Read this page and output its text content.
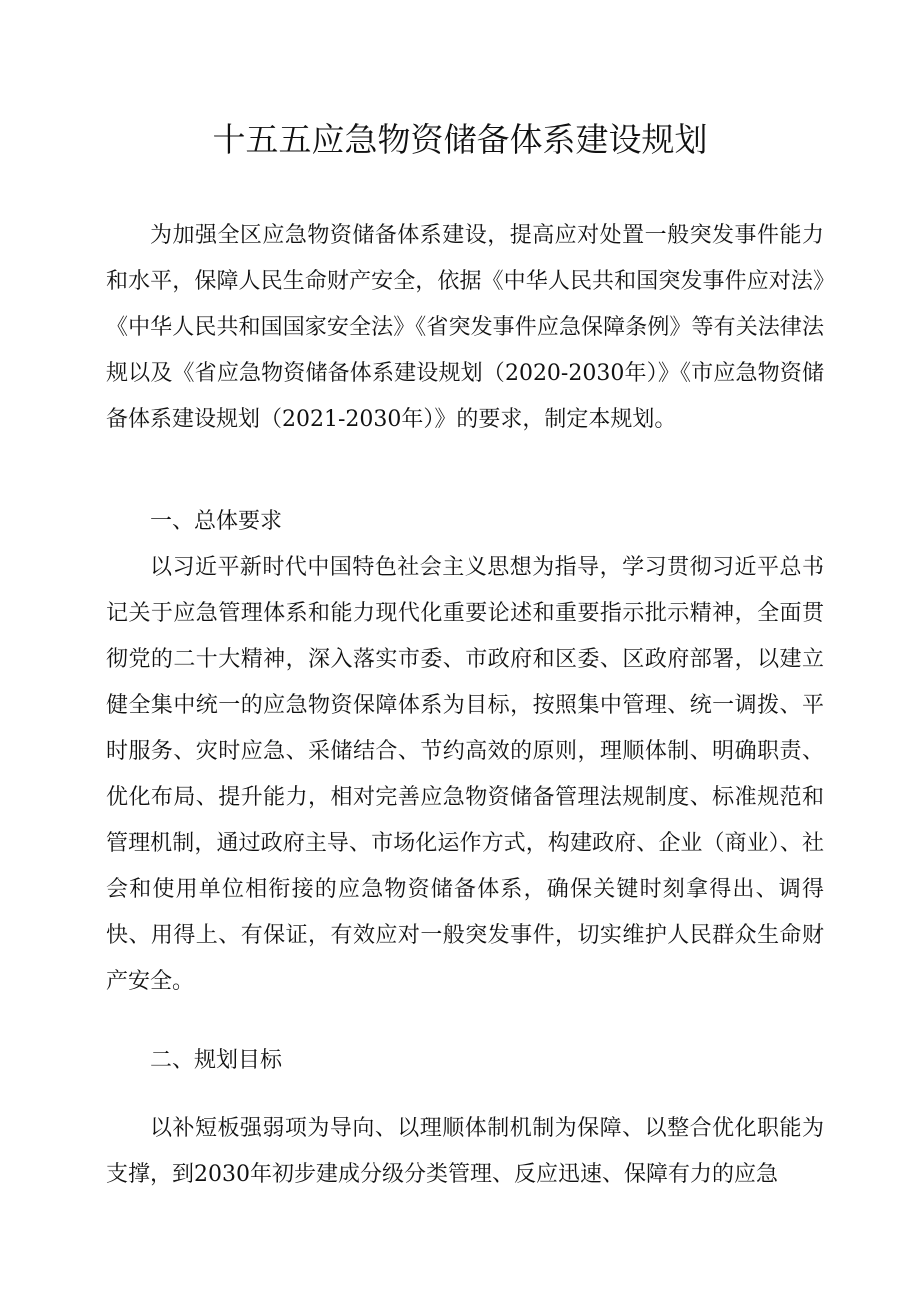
十五五应急物资储备体系建设规划

为加强全区应急物资储备体系建设，提高应对处置一般突发事件能力和水平，保障人民生命财产安全，依据《中华人民共和国突发事件应对法》《中华人民共和国国家安全法》《省突发事件应急保障条例》等有关法律法规以及《省应急物资储备体系建设规划（2020-2030年）》《市应急物资储备体系建设规划（2021-2030年）》的要求，制定本规划。

一、总体要求

以习近平新时代中国特色社会主义思想为指导，学习贯彻习近平总书记关于应急管理体系和能力现代化重要论述和重要指示批示精神，全面贯彻党的二十大精神，深入落实市委、市政府和区委、区政府部署，以建立健全集中统一的应急物资保障体系为目标，按照集中管理、统一调拨、平时服务、灾时应急、采储结合、节约高效的原则，理顺体制、明确职责、优化布局、提升能力，相对完善应急物资储备管理法规制度、标准规范和管理机制，通过政府主导、市场化运作方式，构建政府、企业（商业）、社会和使用单位相衔接的应急物资储备体系，确保关键时刻拿得出、调得快、用得上、有保证，有效应对一般突发事件，切实维护人民群众生命财产安全。

二、规划目标

以补短板强弱项为导向、以理顺体制机制为保障、以整合优化职能为支撑，到2030年初步建成分级分类管理、反应迅速、保障有力的应急
